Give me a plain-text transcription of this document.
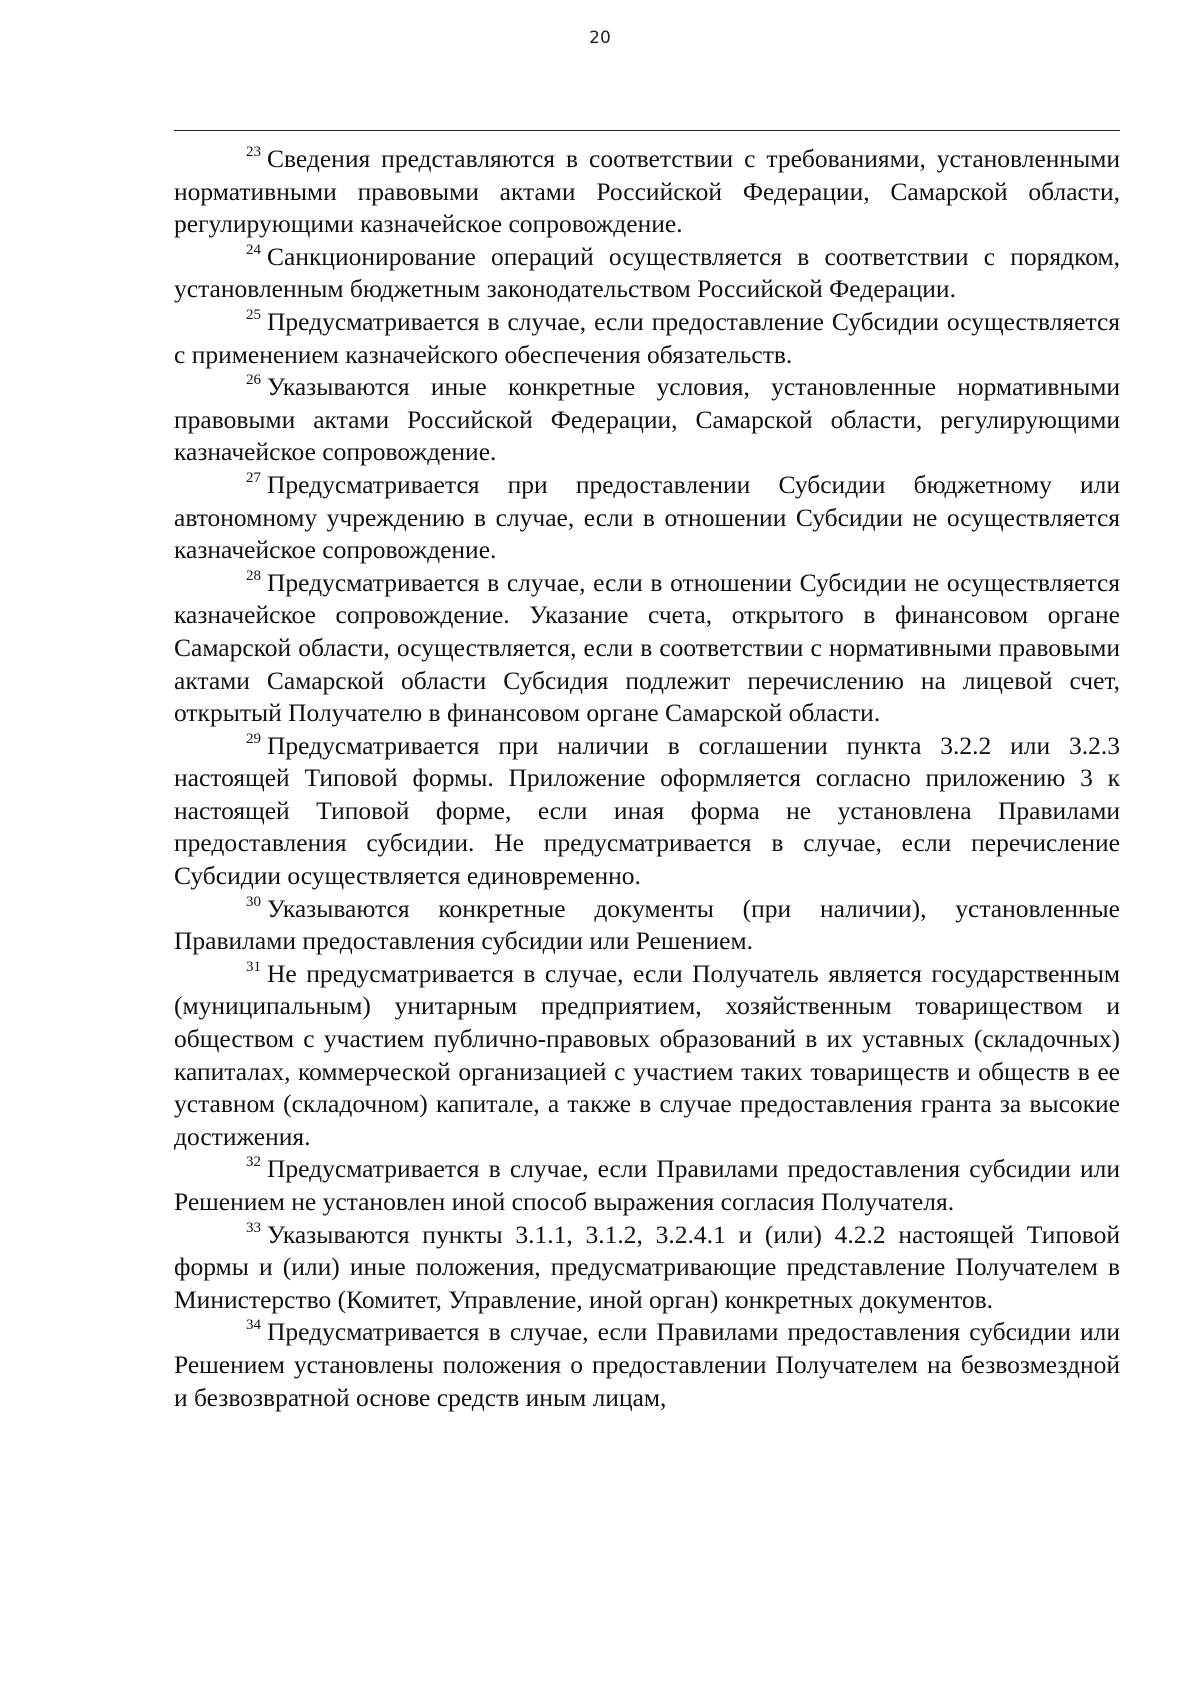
20

$^{23}$ Сведения представляются в соответствии с требованиями, установленными нормативными правовыми актами Российской Федерации, Самарской области, регулирующими казначейское сопровождение.

$^{24}$ Санкционирование операций осуществляется в соответствии с порядком, установленным бюджетным законодательством Российской Федерации.

$^{25}$ Предусматривается в случае, если предоставление Субсидии осуществляется с применением казначейского обеспечения обязательств.

$^{26}$ Указываются иные конкретные условия, установленные нормативными правовыми актами Российской Федерации, Самарской области, регулирующими казначейское сопровождение.

$^{27}$ Предусматривается при предоставлении Субсидии бюджетному или автономному учреждению в случае, если в отношении Субсидии не осуществляется казначейское сопровождение.

$^{28}$ Предусматривается в случае, если в отношении Субсидии не осуществляется казначейское сопровождение. Указание счета, открытого в финансовом органе Самарской области, осуществляется, если в соответствии с нормативными правовыми актами Самарской области Субсидия подлежит перечислению на лицевой счет, открытый Получателю в финансовом органе Самарской области.

$^{29}$ Предусматривается при наличии в соглашении пункта 3.2.2 или 3.2.3 настоящей Типовой формы. Приложение оформляется согласно приложению 3 к настоящей Типовой форме, если иная форма не установлена Правилами предоставления субсидии. Не предусматривается в случае, если перечисление Субсидии осуществляется единовременно.

$^{30}$ Указываются конкретные документы (при наличии), установленные Правилами предоставления субсидии или Решением.

$^{31}$ Не предусматривается в случае, если Получатель является государственным (муниципальным) унитарным предприятием, хозяйственным товариществом и обществом с участием публично-правовых образований в их уставных (складочных) капиталах, коммерческой организацией с участием таких товариществ и обществ в ее уставном (складочном) капитале, а также в случае предоставления гранта за высокие достижения.

$^{32}$ Предусматривается в случае, если Правилами предоставления субсидии или Решением не установлен иной способ выражения согласия Получателя.

$^{33}$ Указываются пункты 3.1.1, 3.1.2, 3.2.4.1 и (или) 4.2.2 настоящей Типовой формы и (или) иные положения, предусматривающие представление Получателем в Министерство (Комитет, Управление, иной орган) конкретных документов.

$^{34}$ Предусматривается в случае, если Правилами предоставления субсидии или Решением установлены положения о предоставлении Получателем на безвозмездной и безвозвратной основе средств иным лицам,
